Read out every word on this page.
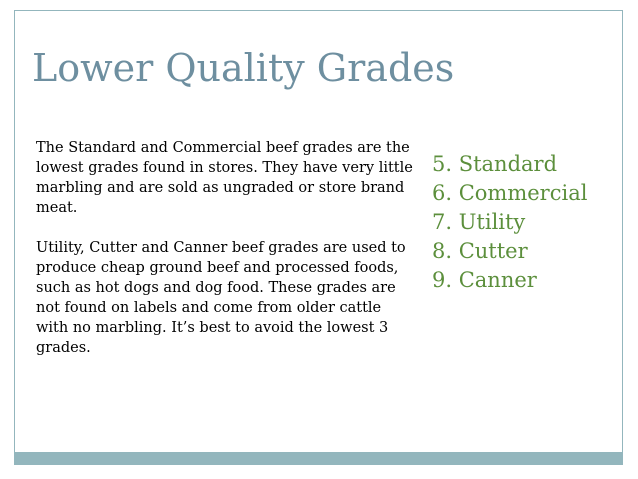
Lower Quality Grades

The Standard and Commercial beef grades are the lowest grades found in stores. They have very little marbling and are sold as ungraded or store brand meat.

Utility, Cutter and Canner beef grades are used to produce cheap ground beef and processed foods, such as hot dogs and dog food. These grades are not found on labels and come from older cattle with no marbling. It’s best to avoid the lowest 3 grades.

5. Standard
6. Commercial
7. Utility
8. Cutter
9. Canner
